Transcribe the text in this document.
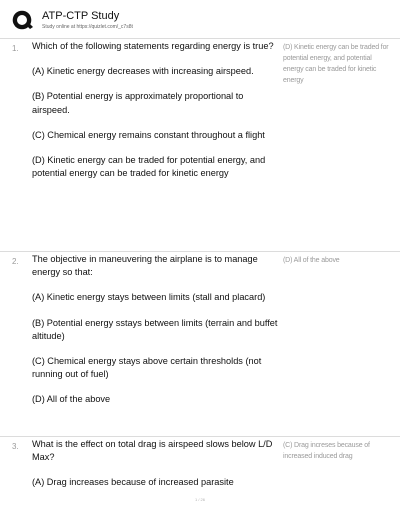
ATP-CTP Study
Study online at https://quizlet.com/_c7s8t
1. Which of the following statements regarding energy is true?

(A) Kinetic energy decreases with increasing airspeed.

(B) Potential energy is approximately proportional to airspeed.

(C) Chemical energy remains constant throughout a flight

(D) Kinetic energy can be traded for potential energy, and potential energy can be traded for kinetic energy

(D) Kinetic energy can be traded for potential energy, and potential energy can be traded for kinetic energy
2. The objective in maneuvering the airplane is to manage energy so that:

(A) Kinetic energy stays between limits (stall and placard)

(B) Potential energy sstays between limits (terrain and buffet altitude)

(C) Chemical energy stays above certain thresholds (not running out of fuel)

(D) All of the above

(D) All of the above
3. What is the effect on total drag is airspeed slows below L/D Max?

(A) Drag increases because of increased parasite

(C) Drag increses because of increased induced drag
1 / 26
